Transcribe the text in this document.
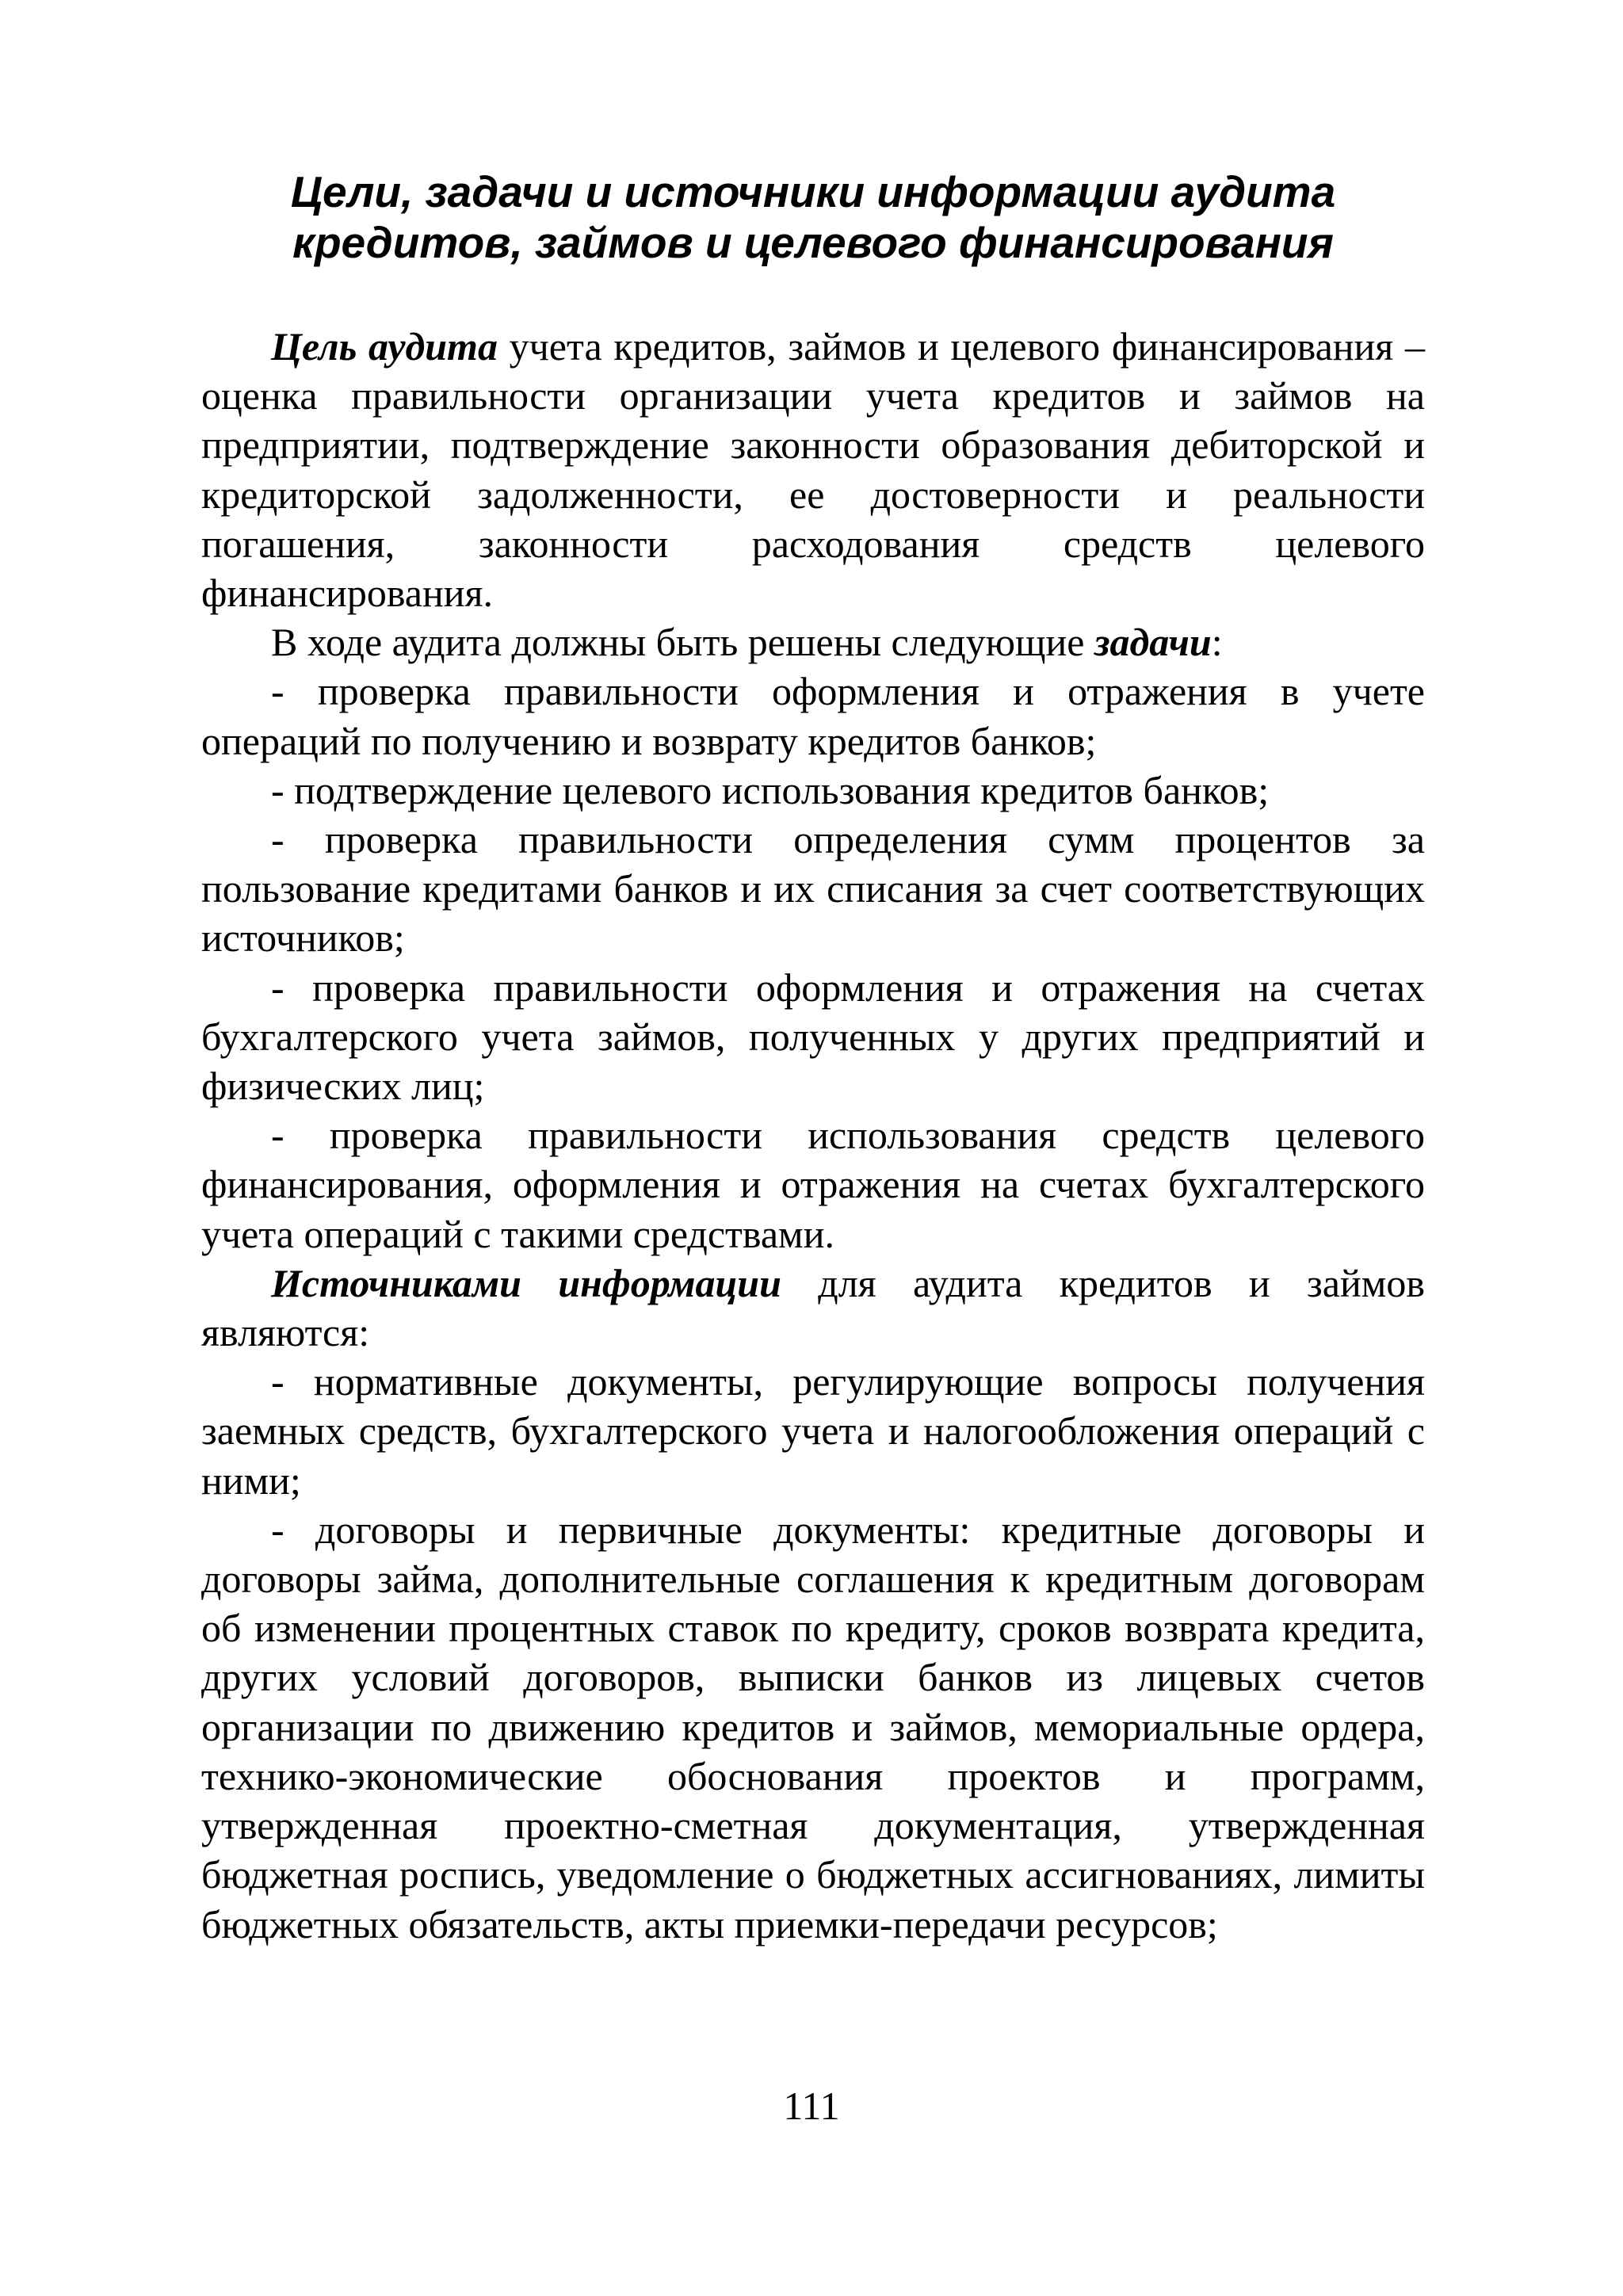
Цели, задачи и источники информации аудита
кредитов, займов и целевого финансирования

Цель аудита учета кредитов, займов и целевого финансирования – оценка правильности организации учета кредитов и займов на предприятии, подтверждение законности образования дебиторской и кредиторской задолженности, ее достоверности и реальности погашения, законности расходования средств целевого финансирования.

В ходе аудита должны быть решены следующие задачи:

- проверка правильности оформления и отражения в учете операций по получению и возврату кредитов банков;

- подтверждение целевого использования кредитов банков;

- проверка правильности определения сумм процентов за пользование кредитами банков и их списания за счет соответствующих источников;

- проверка правильности оформления и отражения на счетах бухгалтерского учета займов, полученных у других предприятий и физических лиц;

- проверка правильности использования средств целевого финансирования, оформления и отражения на счетах бухгалтерского учета операций с такими средствами.

Источниками информации для аудита кредитов и займов являются:

- нормативные документы, регулирующие вопросы получения заемных средств, бухгалтерского учета и налогообложения операций с ними;

- договоры и первичные документы: кредитные договоры и договоры займа, дополнительные соглашения к кредитным договорам об изменении процентных ставок по кредиту, сроков возврата кредита, других условий договоров, выписки банков из лицевых счетов организации по движению кредитов и займов, мемориальные ордера, технико-экономические обоснования проектов и программ, утвержденная проектно-сметная документация, утвержденная бюджетная роспись, уведомление о бюджетных ассигнованиях, лимиты бюджетных обязательств, акты приемки-передачи ресурсов;

111
